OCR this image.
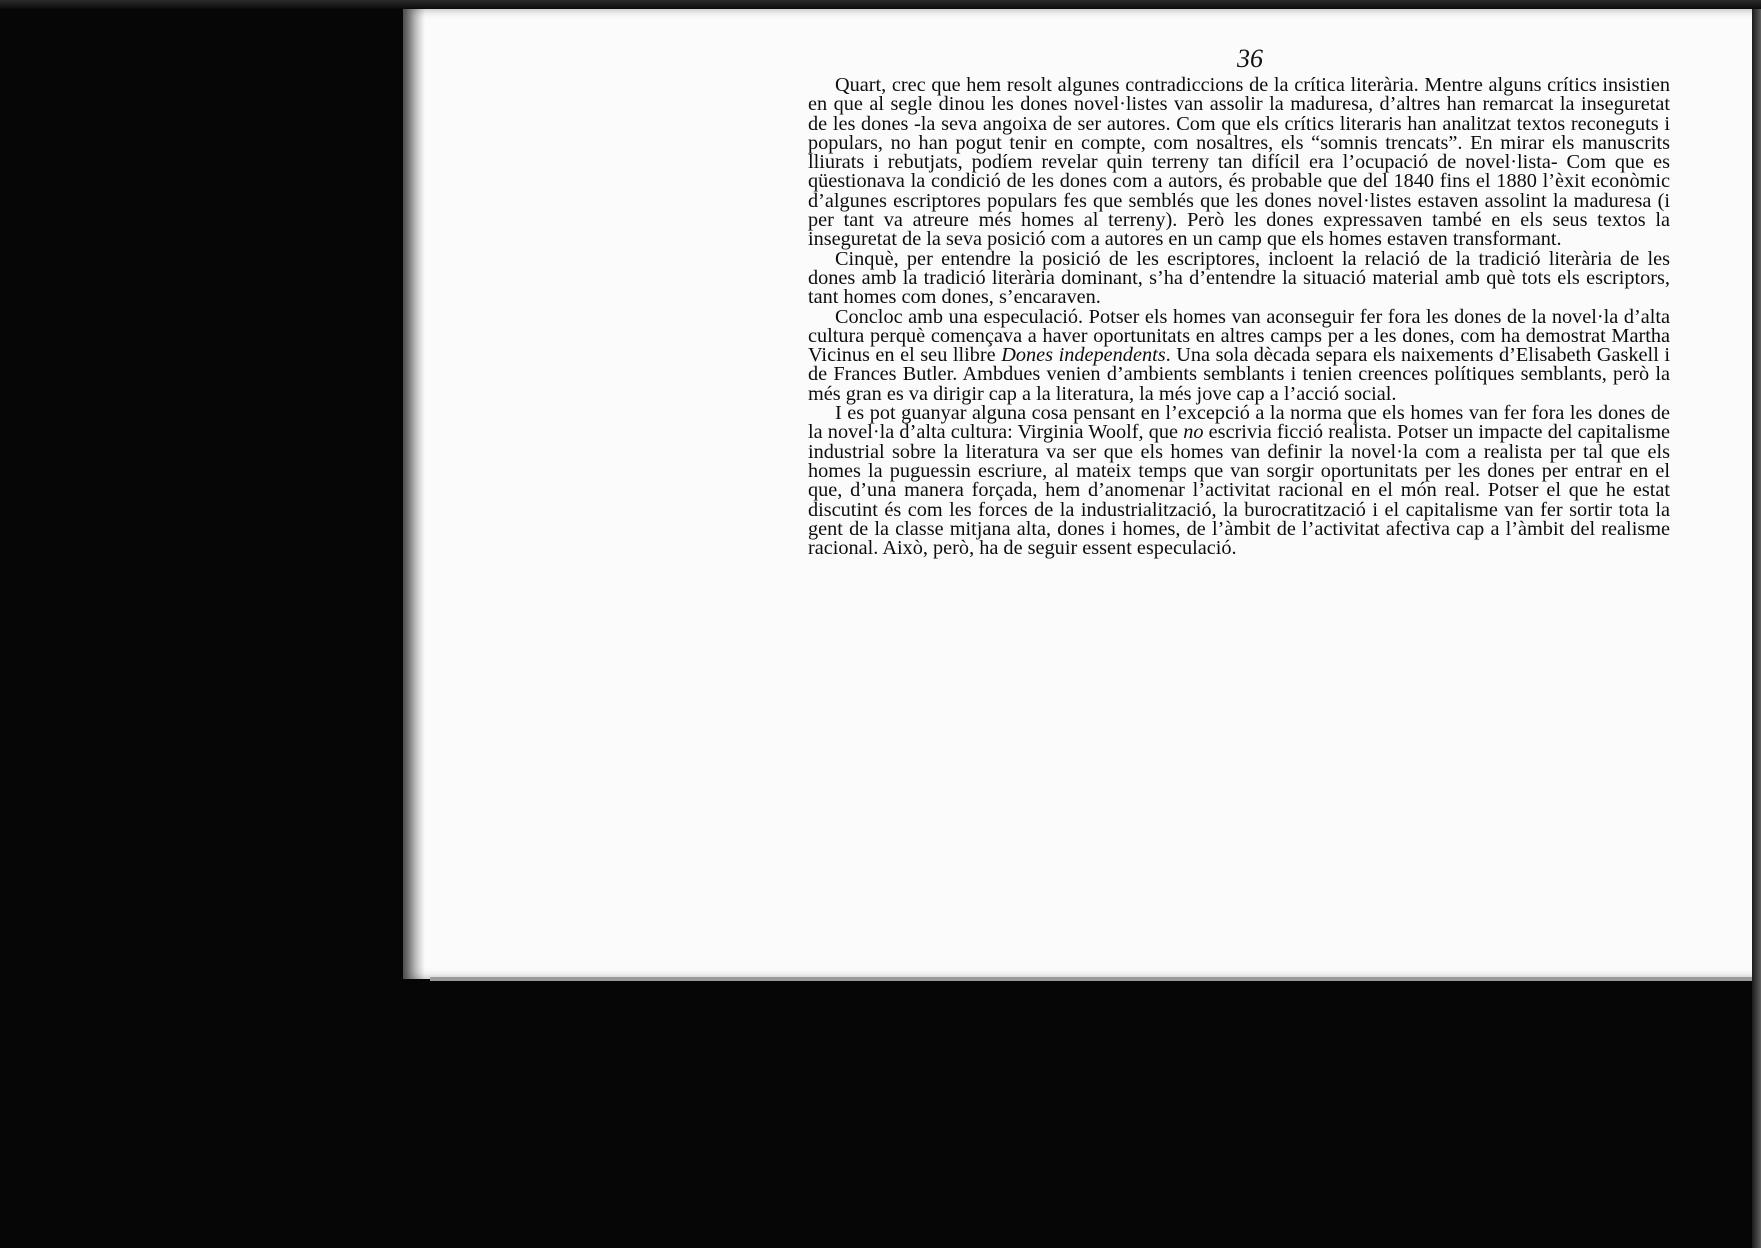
36

Quart, crec que hem resolt algunes contradiccions de la crítica literària. Mentre alguns crítics insistien en que al segle dinou les dones novel·listes van assolir la maduresa, d’altres han remarcat la inseguretat de les dones -la seva angoixa de ser autores. Com que els crítics literaris han analitzat textos reconeguts i populars, no han pogut tenir en compte, com nosaltres, els “somnis trencats”. En mirar els manuscrits lliurats i rebutjats, podíem revelar quin terreny tan difícil era l’ocupació de novel·lista- Com que es qüestionava la condició de les dones com a autors, és probable que del 1840 fins el 1880 l’èxit econòmic d’algunes escriptores populars fes que semblés que les dones novel·listes estaven assolint la maduresa (i per tant va atreure més homes al terreny). Però les dones expressaven també en els seus textos la inseguretat de la seva posició com a autores en un camp que els homes estaven transformant.

Cinquè, per entendre la posició de les escriptores, incloent la relació de la tradició literària de les dones amb la tradició literària dominant, s’ha d’entendre la situació material amb què tots els escriptors, tant homes com dones, s’encaraven.

Concloc amb una especulació. Potser els homes van aconseguir fer fora les dones de la novel·la d’alta cultura perquè començava a haver oportunitats en altres camps per a les dones, com ha demostrat Martha Vicinus en el seu llibre Dones independents. Una sola dècada separa els naixements d’Elisabeth Gaskell i de Frances Butler. Ambdues venien d’ambients semblants i tenien creences polítiques semblants, però la més gran es va dirigir cap a la literatura, la més jove cap a l’acció social.

I es pot guanyar alguna cosa pensant en l’excepció a la norma que els homes van fer fora les dones de la novel·la d’alta cultura: Virginia Woolf, que no escrivia ficció realista. Potser un impacte del capitalisme industrial sobre la literatura va ser que els homes van definir la novel·la com a realista per tal que els homes la puguessin escriure, al mateix temps que van sorgir oportunitats per les dones per entrar en el que, d’una manera forçada, hem d’anomenar l’activitat racional en el món real. Potser el que he estat discutint és com les forces de la industrialització, la burocratització i el capitalisme van fer sortir tota la gent de la classe mitjana alta, dones i homes, de l’àmbit de l’activitat afectiva cap a l’àmbit del realisme racional. Això, però, ha de seguir essent especulació.
